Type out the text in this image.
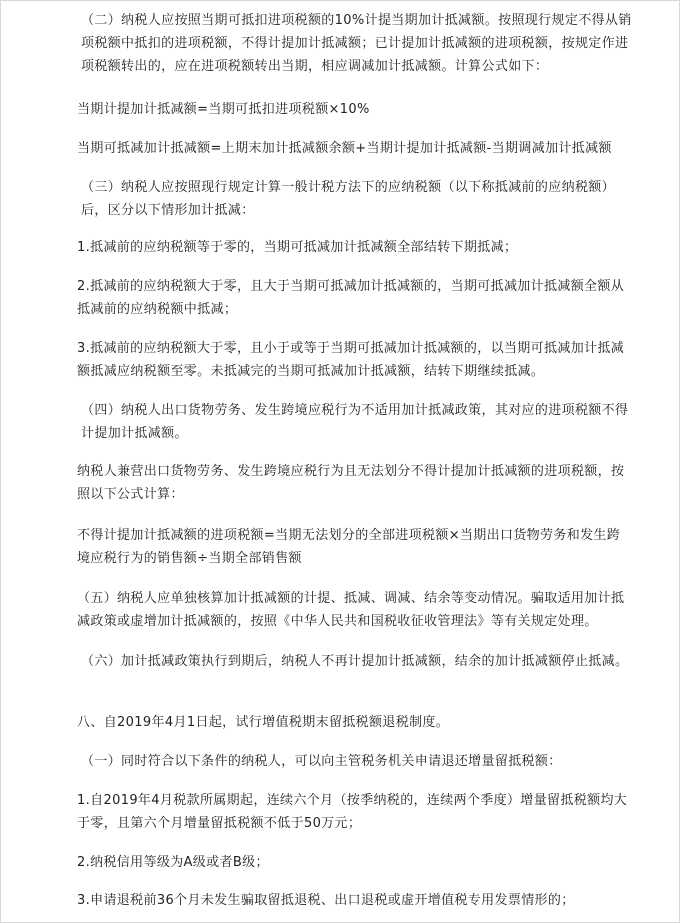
（二）纳税人应按照当期可抵扣进项税额的10%计提当期加计抵减额。按照现行规定不得从销项税额中抵扣的进项税额，不得计提加计抵减额；已计提加计抵减额的进项税额，按规定作进项税额转出的，应在进项税额转出当期，相应调减加计抵减额。计算公式如下：

当期计提加计抵减额=当期可抵扣进项税额×10%

当期可抵减加计抵减额=上期末加计抵减额余额+当期计提加计抵减额-当期调减加计抵减额

（三）纳税人应按照现行规定计算一般计税方法下的应纳税额（以下称抵减前的应纳税额）后，区分以下情形加计抵减：

1.抵减前的应纳税额等于零的，当期可抵减加计抵减额全部结转下期抵减；

2.抵减前的应纳税额大于零，且大于当期可抵减加计抵减额的，当期可抵减加计抵减额全额从抵减前的应纳税额中抵减；

3.抵减前的应纳税额大于零，且小于或等于当期可抵减加计抵减额的，以当期可抵减加计抵减额抵减应纳税额至零。未抵减完的当期可抵减加计抵减额，结转下期继续抵减。

（四）纳税人出口货物劳务、发生跨境应税行为不适用加计抵减政策，其对应的进项税额不得计提加计抵减额。

纳税人兼营出口货物劳务、发生跨境应税行为且无法划分不得计提加计抵减额的进项税额，按照以下公式计算：

不得计提加计抵减额的进项税额=当期无法划分的全部进项税额×当期出口货物劳务和发生跨境应税行为的销售额÷当期全部销售额

（五）纳税人应单独核算加计抵减额的计提、抵减、调减、结余等变动情况。骗取适用加计抵减政策或虚增加计抵减额的，按照《中华人民共和国税收征收管理法》等有关规定处理。

（六）加计抵减政策执行到期后，纳税人不再计提加计抵减额，结余的加计抵减额停止抵减。

八、自2019年4月1日起，试行增值税期末留抵税额退税制度。

（一）同时符合以下条件的纳税人，可以向主管税务机关申请退还增量留抵税额：

1.自2019年4月税款所属期起，连续六个月（按季纳税的，连续两个季度）增量留抵税额均大于零，且第六个月增量留抵税额不低于50万元；

2.纳税信用等级为A级或者B级；

3.申请退税前36个月未发生骗取留抵退税、出口退税或虚开增值税专用发票情形的；
